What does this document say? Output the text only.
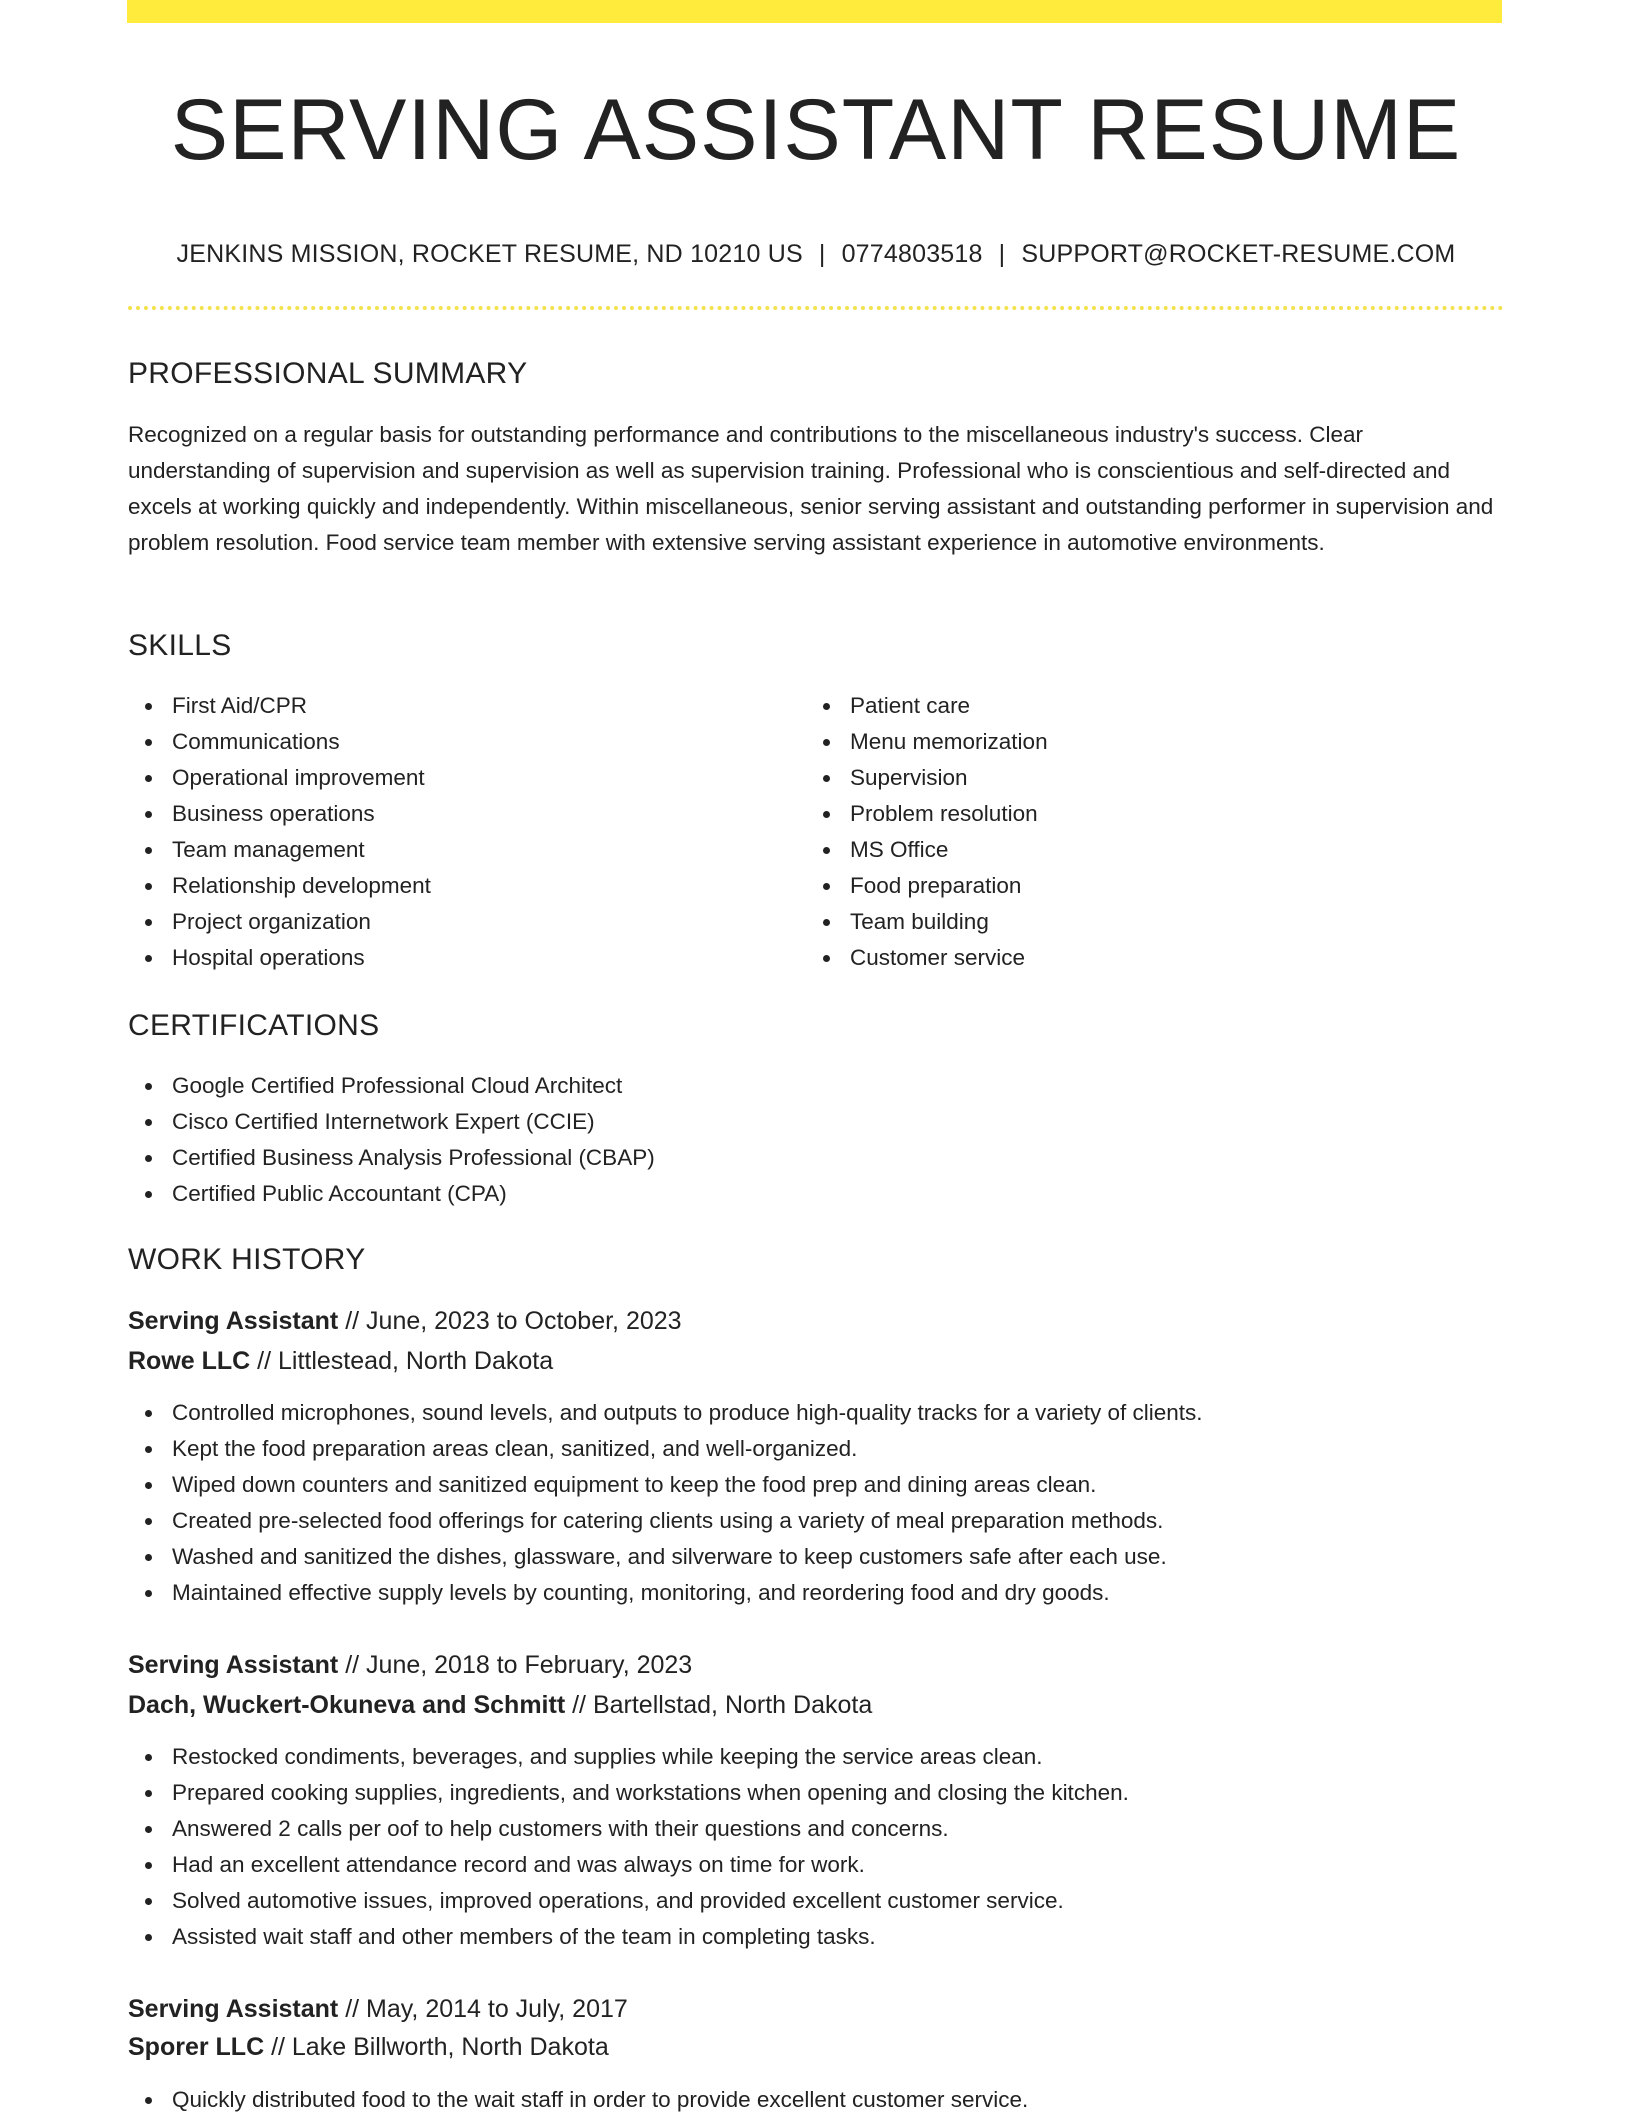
SERVING ASSISTANT RESUME
JENKINS MISSION, ROCKET RESUME, ND 10210 US | 0774803518 | SUPPORT@ROCKET-RESUME.COM
PROFESSIONAL SUMMARY

Recognized on a regular basis for outstanding performance and contributions to the miscellaneous industry's success. Clear understanding of supervision and supervision as well as supervision training. Professional who is conscientious and self-directed and excels at working quickly and independently. Within miscellaneous, senior serving assistant and outstanding performer in supervision and problem resolution. Food service team member with extensive serving assistant experience in automotive environments.

SKILLS
First Aid/CPR
Communications
Operational improvement
Business operations
Team management
Relationship development
Project organization
Hospital operations
Patient care
Menu memorization
Supervision
Problem resolution
MS Office
Food preparation
Team building
Customer service
CERTIFICATIONS
Google Certified Professional Cloud Architect
Cisco Certified Internetwork Expert (CCIE)
Certified Business Analysis Professional (CBAP)
Certified Public Accountant (CPA)
WORK HISTORY
Serving Assistant // June, 2023 to October, 2023
Rowe LLC // Littlestead, North Dakota
Controlled microphones, sound levels, and outputs to produce high-quality tracks for a variety of clients.
Kept the food preparation areas clean, sanitized, and well-organized.
Wiped down counters and sanitized equipment to keep the food prep and dining areas clean.
Created pre-selected food offerings for catering clients using a variety of meal preparation methods.
Washed and sanitized the dishes, glassware, and silverware to keep customers safe after each use.
Maintained effective supply levels by counting, monitoring, and reordering food and dry goods.
Serving Assistant // June, 2018 to February, 2023
Dach, Wuckert-Okuneva and Schmitt // Bartellstad, North Dakota
Restocked condiments, beverages, and supplies while keeping the service areas clean.
Prepared cooking supplies, ingredients, and workstations when opening and closing the kitchen.
Answered 2 calls per oof to help customers with their questions and concerns.
Had an excellent attendance record and was always on time for work.
Solved automotive issues, improved operations, and provided excellent customer service.
Assisted wait staff and other members of the team in completing tasks.
Serving Assistant // May, 2014 to July, 2017
Sporer LLC // Lake Billworth, North Dakota
Quickly distributed food to the wait staff in order to provide excellent customer service.
